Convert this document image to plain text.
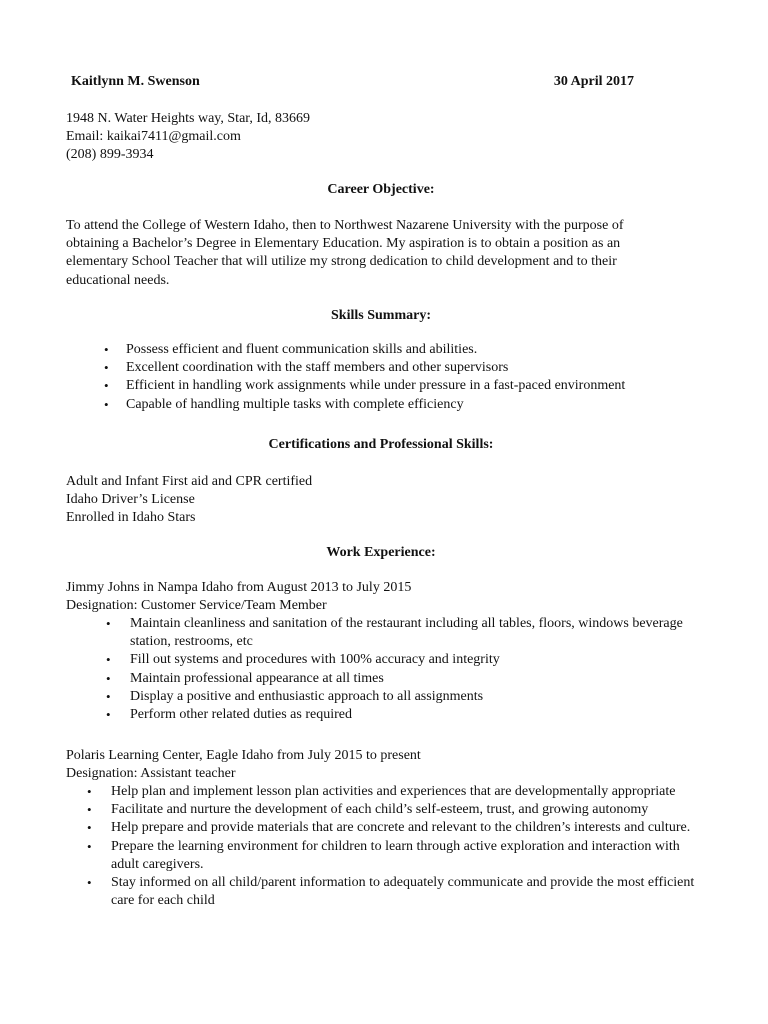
Kaitlynn M. Swenson	30 April 2017
1948 N. Water Heights way, Star, Id, 83669
Email: kaikai7411@gmail.com
(208) 899-3934
Career Objective:
To attend the College of Western Idaho, then to Northwest Nazarene University with the purpose of obtaining a Bachelor’s Degree in Elementary Education. My aspiration is to obtain a position as an elementary School Teacher that will utilize my strong dedication to child development and to their educational needs.
Skills Summary:
• Possess efficient and fluent communication skills and abilities.
• Excellent coordination with the staff members and other supervisors
• Efficient in handling work assignments while under pressure in a fast-paced environment
• Capable of handling multiple tasks with complete efficiency
Certifications and Professional Skills:
Adult and Infant First aid and CPR certified
Idaho Driver’s License
Enrolled in Idaho Stars
Work Experience:
Jimmy Johns in Nampa Idaho from August 2013 to July 2015
Designation: Customer Service/Team Member
• Maintain cleanliness and sanitation of the restaurant including all tables, floors, windows beverage station, restrooms, etc
• Fill out systems and procedures with 100% accuracy and integrity
• Maintain professional appearance at all times
• Display a positive and enthusiastic approach to all assignments
• Perform other related duties as required
Polaris Learning Center, Eagle Idaho from July 2015 to present
Designation: Assistant teacher
• Help plan and implement lesson plan activities and experiences that are developmentally appropriate
• Facilitate and nurture the development of each child’s self-esteem, trust, and growing autonomy
• Help prepare and provide materials that are concrete and relevant to the children’s interests and culture.
• Prepare the learning environment for children to learn through active exploration and interaction with adult caregivers.
• Stay informed on all child/parent information to adequately communicate and provide the most efficient care for each child
